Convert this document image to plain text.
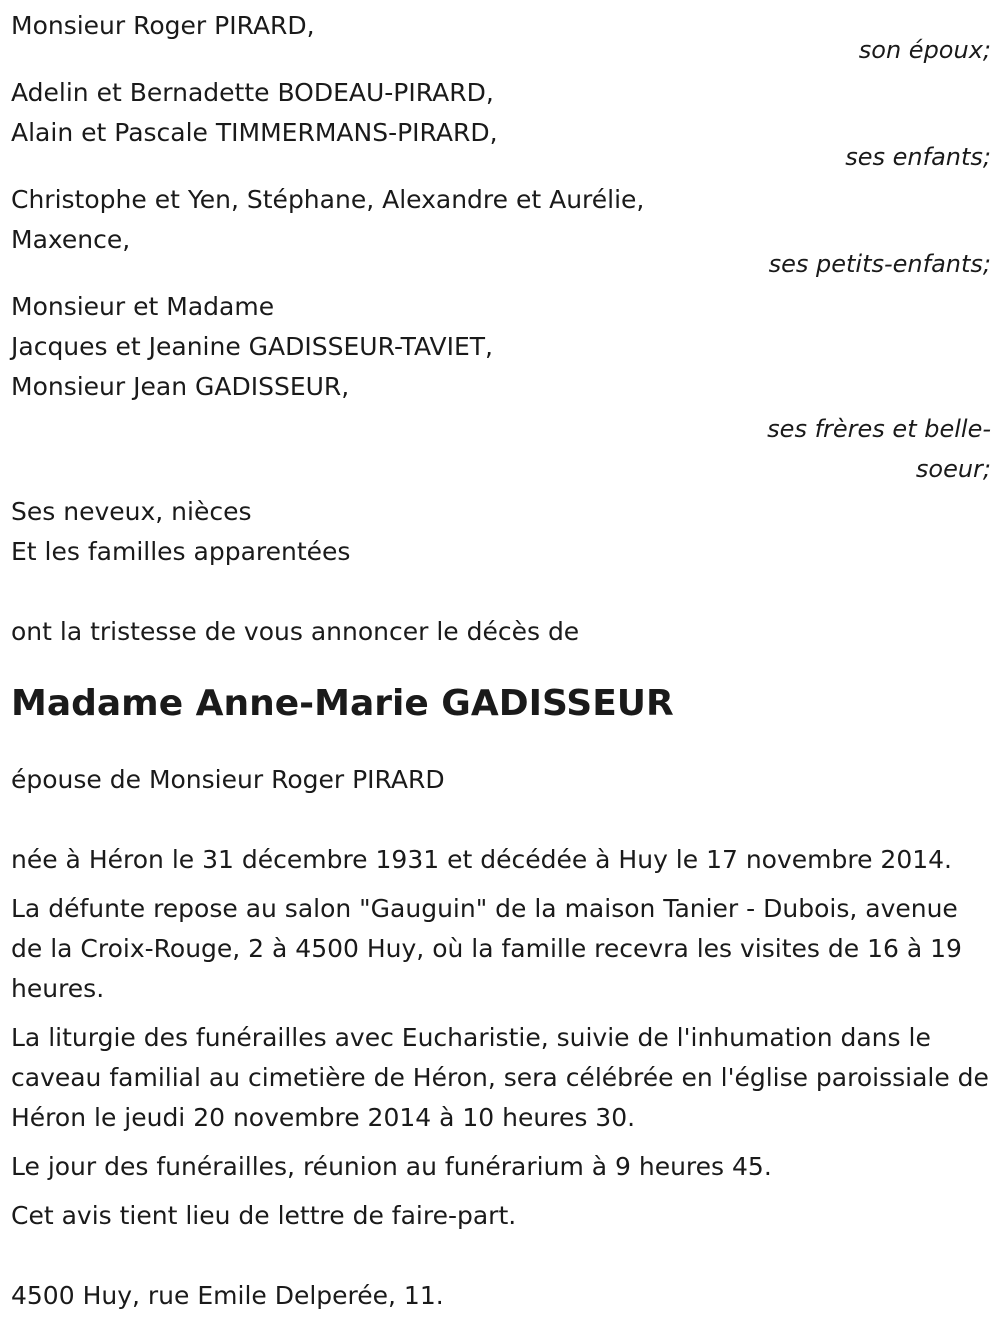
Monsieur Roger PIRARD,
son époux;
Adelin et Bernadette BODEAU-PIRARD,
Alain et Pascale TIMMERMANS-PIRARD,
ses enfants;
Christophe et Yen, Stéphane, Alexandre et Aurélie,
Maxence,
ses petits-enfants;
Monsieur et Madame
Jacques et Jeanine GADISSEUR-TAVIET,
Monsieur Jean GADISSEUR,
ses frères et belle-
soeur;
Ses neveux, nièces
Et les familles apparentées
ont la tristesse de vous annoncer le décès de
Madame Anne-Marie GADISSEUR
épouse de Monsieur Roger PIRARD
née à Héron le 31 décembre 1931 et décédée à Huy le 17 novembre 2014.
La défunte repose au salon "Gauguin" de la maison Tanier - Dubois, avenue de la Croix-Rouge, 2 à 4500 Huy, où la famille recevra les visites de 16 à 19 heures.
La liturgie des funérailles avec Eucharistie, suivie de l'inhumation dans le caveau familial au cimetière de Héron, sera célébrée en l'église paroissiale de Héron le jeudi 20 novembre 2014 à 10 heures 30.
Le jour des funérailles, réunion au funérarium à 9 heures 45.
Cet avis tient lieu de lettre de faire-part.
4500 Huy, rue Emile Delperée, 11.
